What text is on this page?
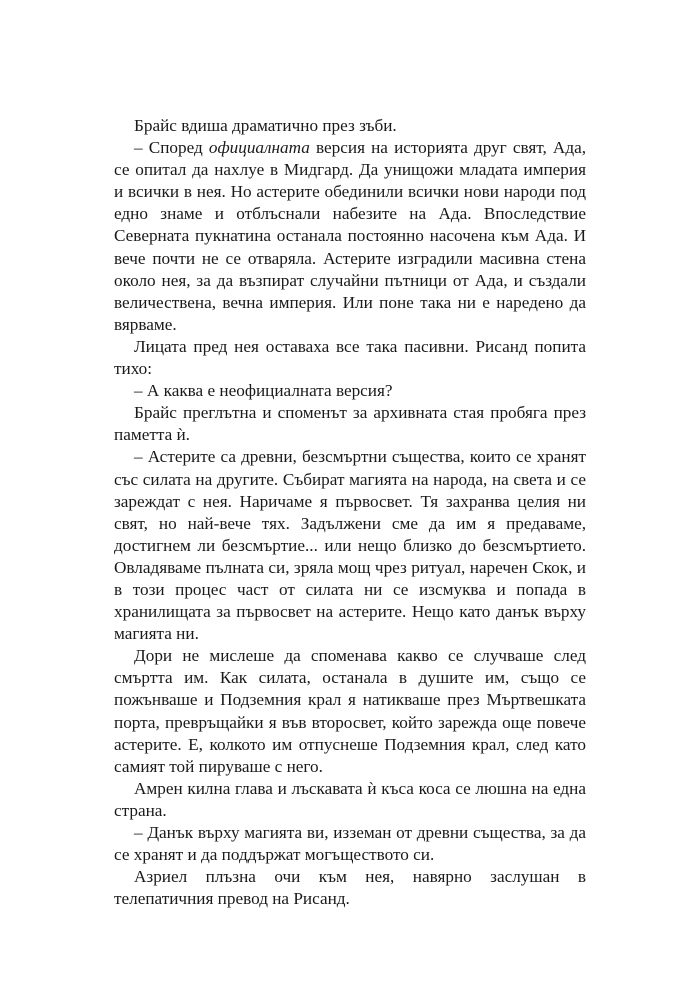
Брайс вдиша драматично през зъби.

– Според официалната версия на историята друг свят, Ада, се опитал да нахлуе в Мидгард. Да унищожи младата империя и всички в нея. Но астерите обединили всички нови народи под едно знаме и отблъснали набезите на Ада. Впоследствие Северната пукнатина останала постоянно насочена към Ада. И вече почти не се отваряла. Астерите изградили масивна стена около нея, за да възпират случайни пътници от Ада, и създали величествена, вечна империя. Или поне така ни е наредено да вярваме.

Лицата пред нея оставаха все така пасивни. Рисанд попита тихо:

– А каква е неофициалната версия?

Брайс преглътна и споменът за архивната стая пробяга през паметта ѝ.

– Астерите са древни, безсмъртни същества, които се хранят със силата на другите. Събират магията на народа, на света и се зареждат с нея. Наричаме я първосвет. Тя захранва целия ни свят, но най-вече тях. Задължени сме да им я предаваме, достигнем ли безсмъртие... или нещо близко до безсмъртието. Овладяваме пълната си, зряла мощ чрез ритуал, наречен Скок, и в този процес част от силата ни се изсмуква и попада в хранилищата за първосвет на астерите. Нещо като данък върху магията ни.

Дори не мислеше да споменава какво се случваше след смъртта им. Как силата, останала в душите им, също се пожънваше и Подземния крал я натикваше през Мъртвешката порта, превръщайки я във второсвет, който зарежда още повече астерите. Е, колкото им отпуснеше Подземния крал, след като самият той пируваше с него.

Амрен килна глава и лъскавата ѝ къса коса се люшна на една страна.

– Данък върху магията ви, изземан от древни същества, за да се хранят и да поддържат могъществото си.

Азриел плъзна очи към нея, навярно заслушан в телепатичния превод на Рисанд.
